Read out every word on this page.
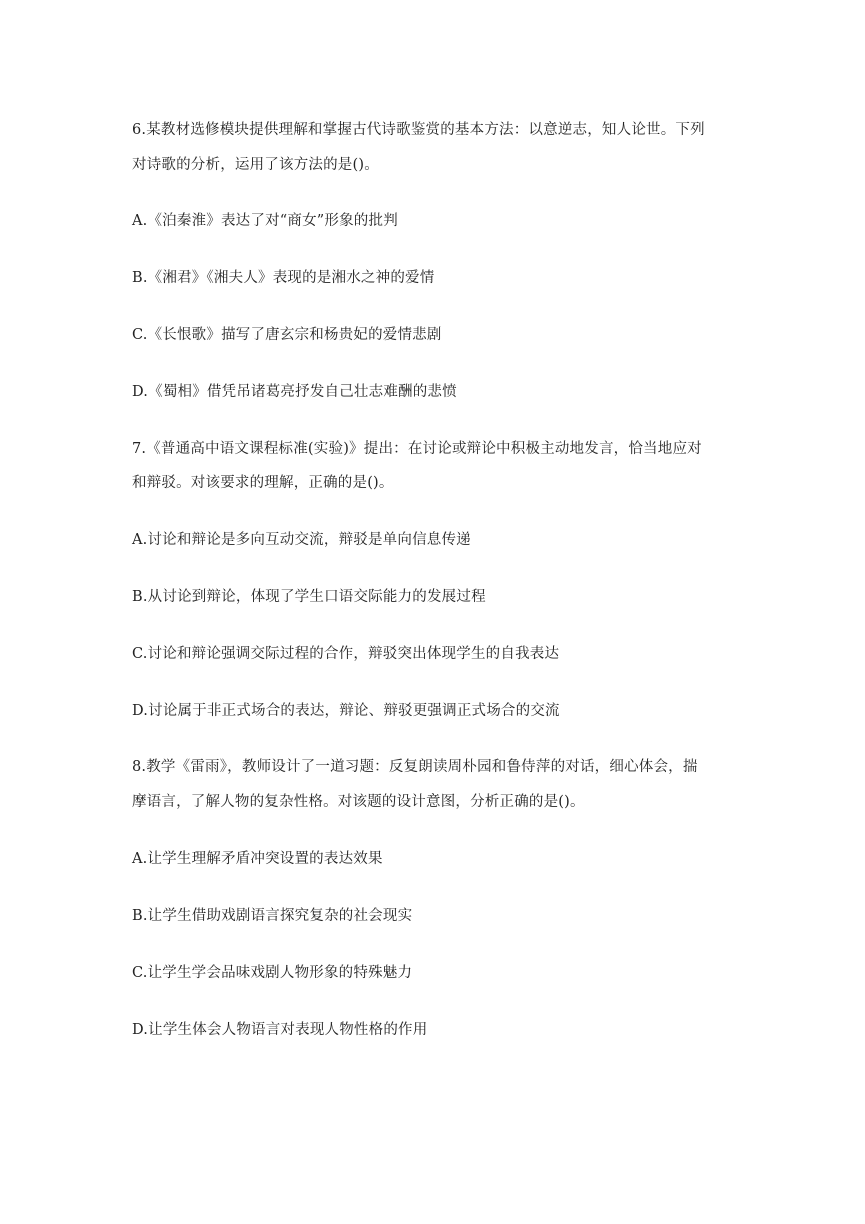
6.某教材选修模块提供理解和掌握古代诗歌鉴赏的基本方法：以意逆志，知人论世。下列
对诗歌的分析，运用了该方法的是()。
A.《泊秦淮》表达了对“商女”形象的批判
B.《湘君》《湘夫人》表现的是湘水之神的爱情
C.《长恨歌》描写了唐玄宗和杨贵妃的爱情悲剧
D.《蜀相》借凭吊诸葛亮抒发自己壮志难酬的悲愤
7.《普通高中语文课程标准(实验)》提出：在讨论或辩论中积极主动地发言，恰当地应对
和辩驳。对该要求的理解，正确的是()。
A.讨论和辩论是多向互动交流，辩驳是单向信息传递
B.从讨论到辩论，体现了学生口语交际能力的发展过程
C.讨论和辩论强调交际过程的合作，辩驳突出体现学生的自我表达
D.讨论属于非正式场合的表达，辩论、辩驳更强调正式场合的交流
8.教学《雷雨》，教师设计了一道习题：反复朗读周朴园和鲁侍萍的对话，细心体会，揣
摩语言，了解人物的复杂性格。对该题的设计意图，分析正确的是()。
A.让学生理解矛盾冲突设置的表达效果
B.让学生借助戏剧语言探究复杂的社会现实
C.让学生学会品味戏剧人物形象的特殊魅力
D.让学生体会人物语言对表现人物性格的作用
